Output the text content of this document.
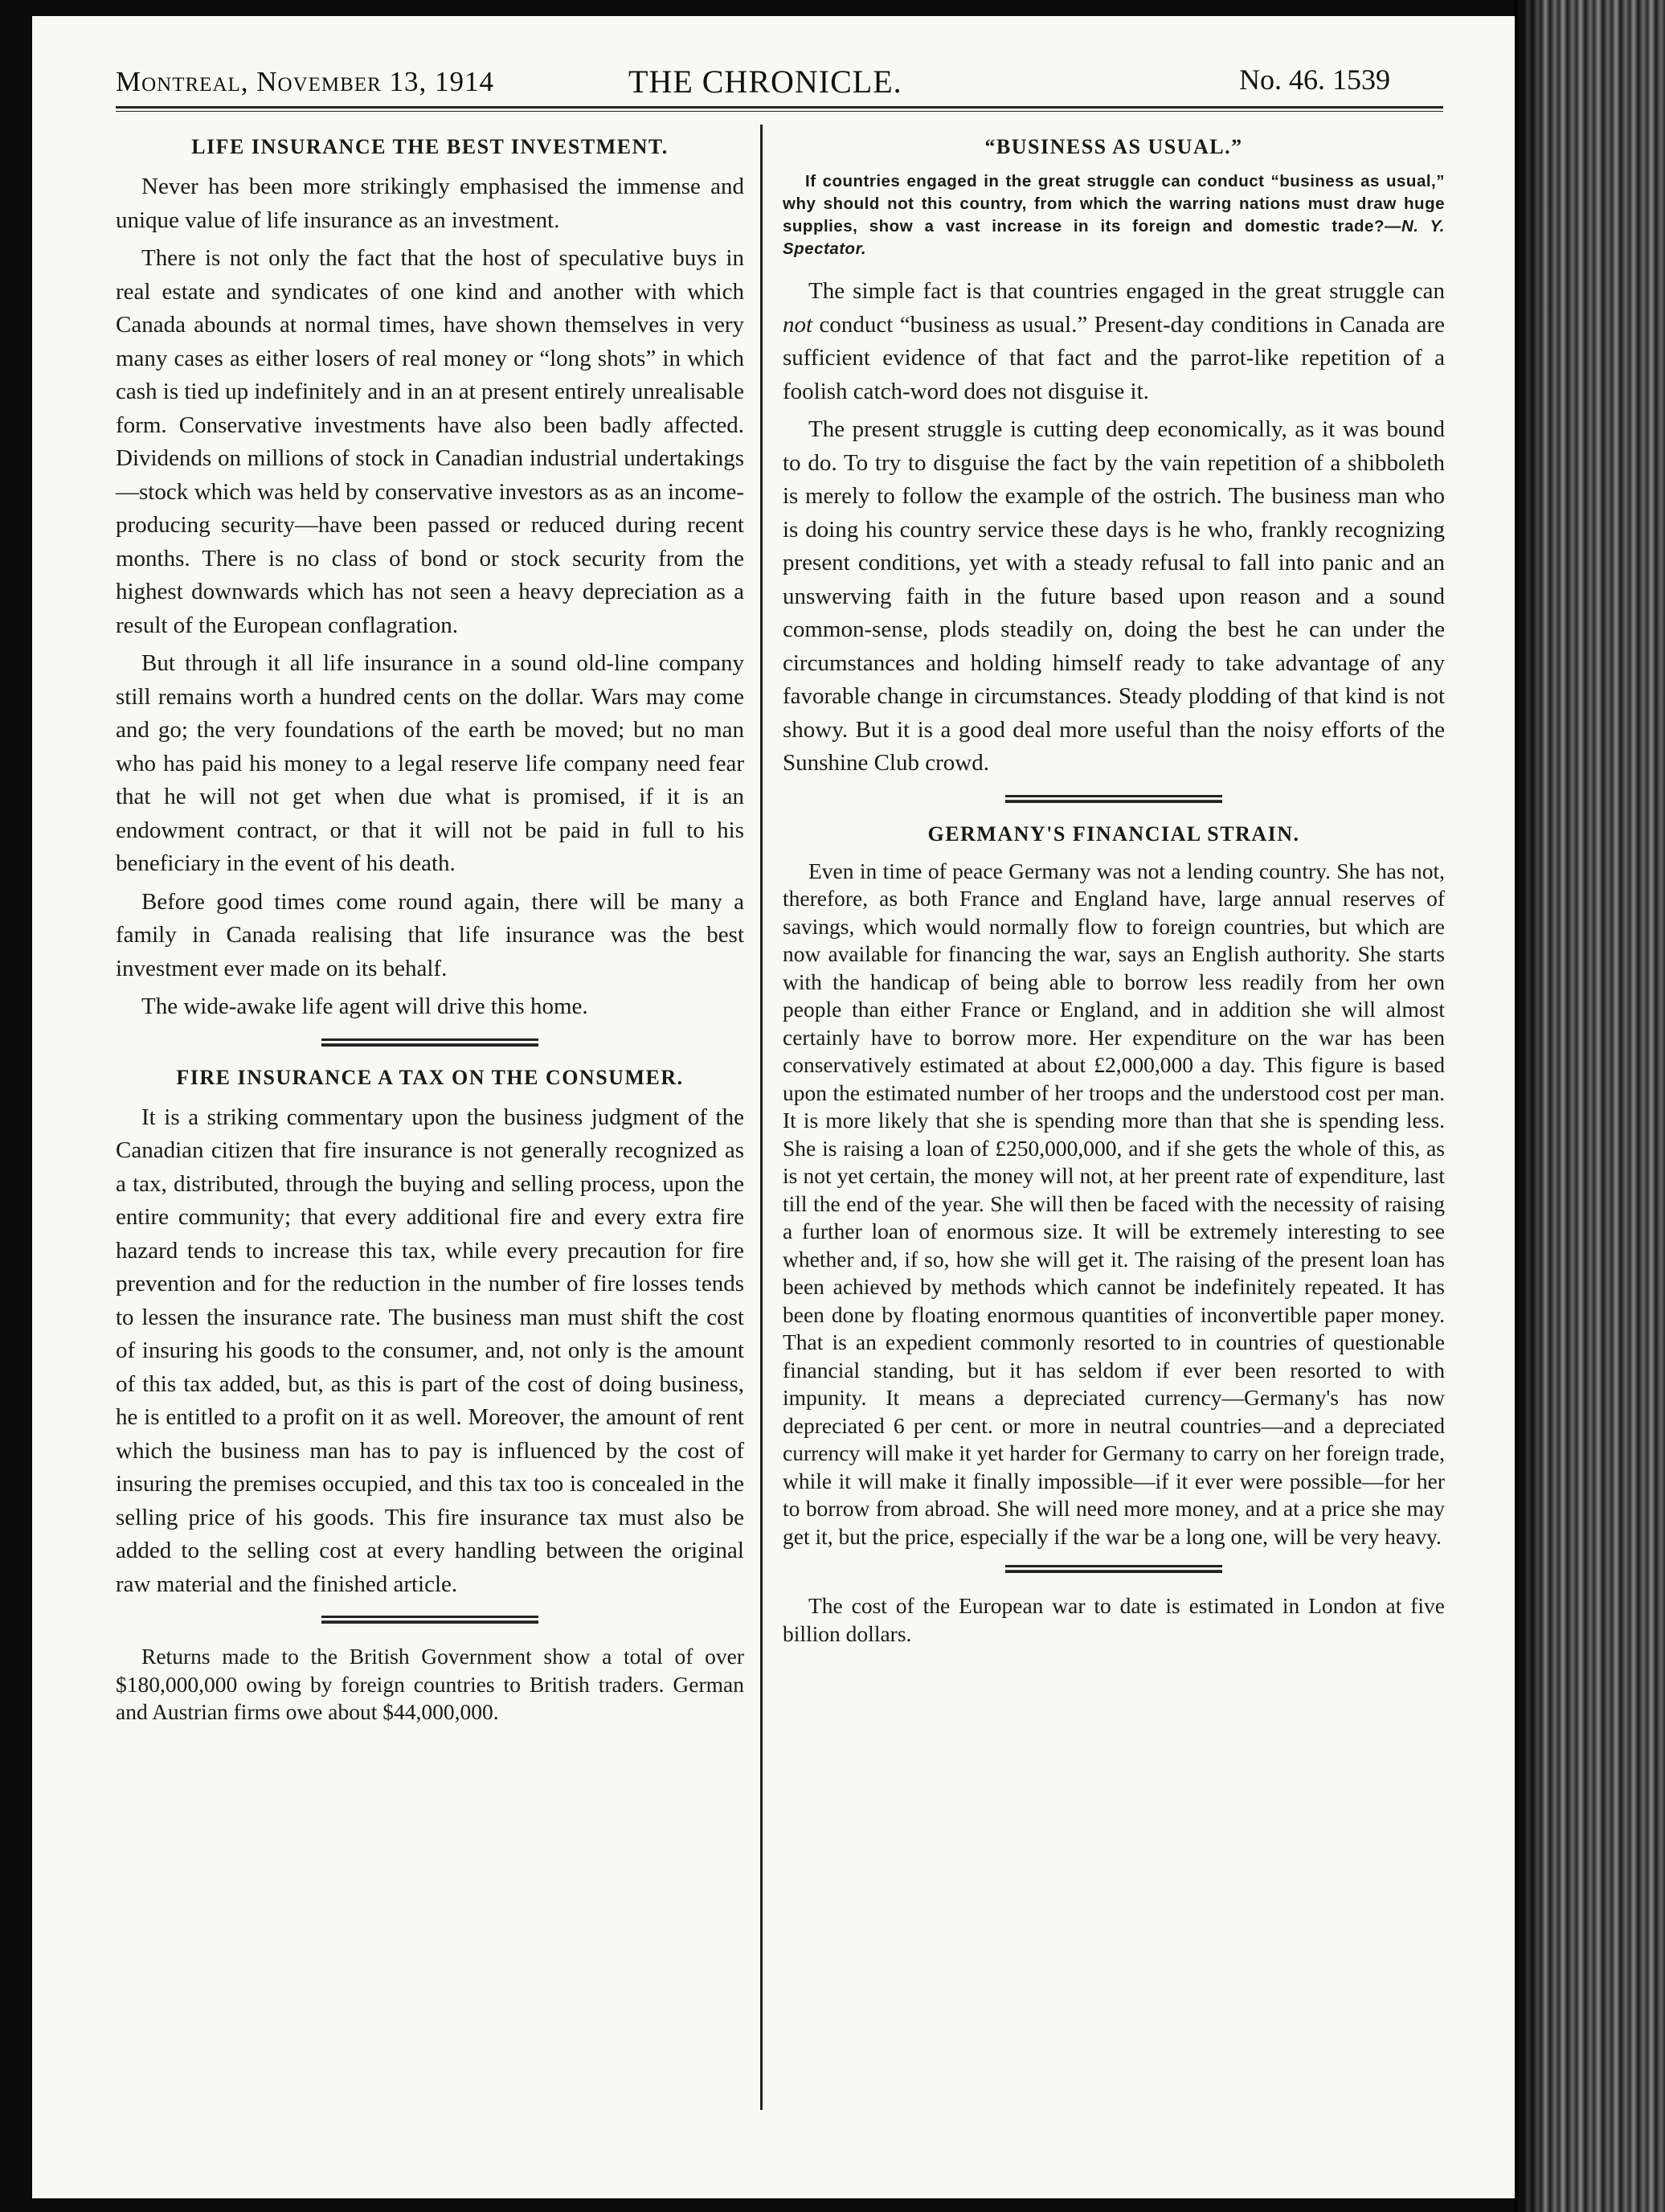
Montreal, November 13, 1914	THE CHRONICLE.	No. 46. 1539
LIFE INSURANCE THE BEST INVESTMENT.

Never has been more strikingly emphasised the immense and unique value of life insurance as an investment.

There is not only the fact that the host of speculative buys in real estate and syndicates of one kind and another with which Canada abounds at normal times, have shown themselves in very many cases as either losers of real money or “long shots” in which cash is tied up indefinitely and in an at present entirely unrealisable form. Conservative investments have also been badly affected. Dividends on millions of stock in Canadian industrial undertakings—stock which was held by conservative investors as as an income-producing security—have been passed or reduced during recent months. There is no class of bond or stock security from the highest downwards which has not seen a heavy depreciation as a result of the European conflagration.

But through it all life insurance in a sound old-line company still remains worth a hundred cents on the dollar. Wars may come and go; the very foundations of the earth be moved; but no man who has paid his money to a legal reserve life company need fear that he will not get when due what is promised, if it is an endowment contract, or that it will not be paid in full to his beneficiary in the event of his death.

Before good times come round again, there will be many a family in Canada realising that life insurance was the best investment ever made on its behalf.

The wide-awake life agent will drive this home.

FIRE INSURANCE A TAX ON THE CONSUMER.

It is a striking commentary upon the business judgment of the Canadian citizen that fire insurance is not generally recognized as a tax, distributed, through the buying and selling process, upon the entire community; that every additional fire and every extra fire hazard tends to increase this tax, while every precaution for fire prevention and for the reduction in the number of fire losses tends to lessen the insurance rate. The business man must shift the cost of insuring his goods to the consumer, and, not only is the amount of this tax added, but, as this is part of the cost of doing business, he is entitled to a profit on it as well. Moreover, the amount of rent which the business man has to pay is influenced by the cost of insuring the premises occupied, and this tax too is concealed in the selling price of his goods. This fire insurance tax must also be added to the selling cost at every handling between the original raw material and the finished article.

Returns made to the British Government show a total of over $180,000,000 owing by foreign countries to British traders. German and Austrian firms owe about $44,000,000.

“BUSINESS AS USUAL.”

If countries engaged in the great struggle can conduct “business as usual,” why should not this country, from which the warring nations must draw huge supplies, show a vast increase in its foreign and domestic trade?—N. Y. Spectator.

The simple fact is that countries engaged in the great struggle can not conduct “business as usual.” Present-day conditions in Canada are sufficient evidence of that fact and the parrot-like repetition of a foolish catch-word does not disguise it.

The present struggle is cutting deep economically, as it was bound to do. To try to disguise the fact by the vain repetition of a shibboleth is merely to follow the example of the ostrich. The business man who is doing his country service these days is he who, frankly recognizing present conditions, yet with a steady refusal to fall into panic and an unswerving faith in the future based upon reason and a sound common-sense, plods steadily on, doing the best he can under the circumstances and holding himself ready to take advantage of any favorable change in circumstances. Steady plodding of that kind is not showy. But it is a good deal more useful than the noisy efforts of the Sunshine Club crowd.

GERMANY'S FINANCIAL STRAIN.

Even in time of peace Germany was not a lending country. She has not, therefore, as both France and England have, large annual reserves of savings, which would normally flow to foreign countries, but which are now available for financing the war, says an English authority. She starts with the handicap of being able to borrow less readily from her own people than either France or England, and in addition she will almost certainly have to borrow more. Her expenditure on the war has been conservatively estimated at about £2,000,000 a day. This figure is based upon the estimated number of her troops and the understood cost per man. It is more likely that she is spending more than that she is spending less. She is raising a loan of £250,000,000, and if she gets the whole of this, as is not yet certain, the money will not, at her preent rate of expenditure, last till the end of the year. She will then be faced with the necessity of raising a further loan of enormous size. It will be extremely interesting to see whether and, if so, how she will get it. The raising of the present loan has been achieved by methods which cannot be indefinitely repeated. It has been done by floating enormous quantities of inconvertible paper money. That is an expedient commonly resorted to in countries of questionable financial standing, but it has seldom if ever been resorted to with impunity. It means a depreciated currency—Germany's has now depreciated 6 per cent. or more in neutral countries—and a depreciated currency will make it yet harder for Germany to carry on her foreign trade, while it will make it finally impossible—if it ever were possible—for her to borrow from abroad. She will need more money, and at a price she may get it, but the price, especially if the war be a long one, will be very heavy.

The cost of the European war to date is estimated in London at five billion dollars.
